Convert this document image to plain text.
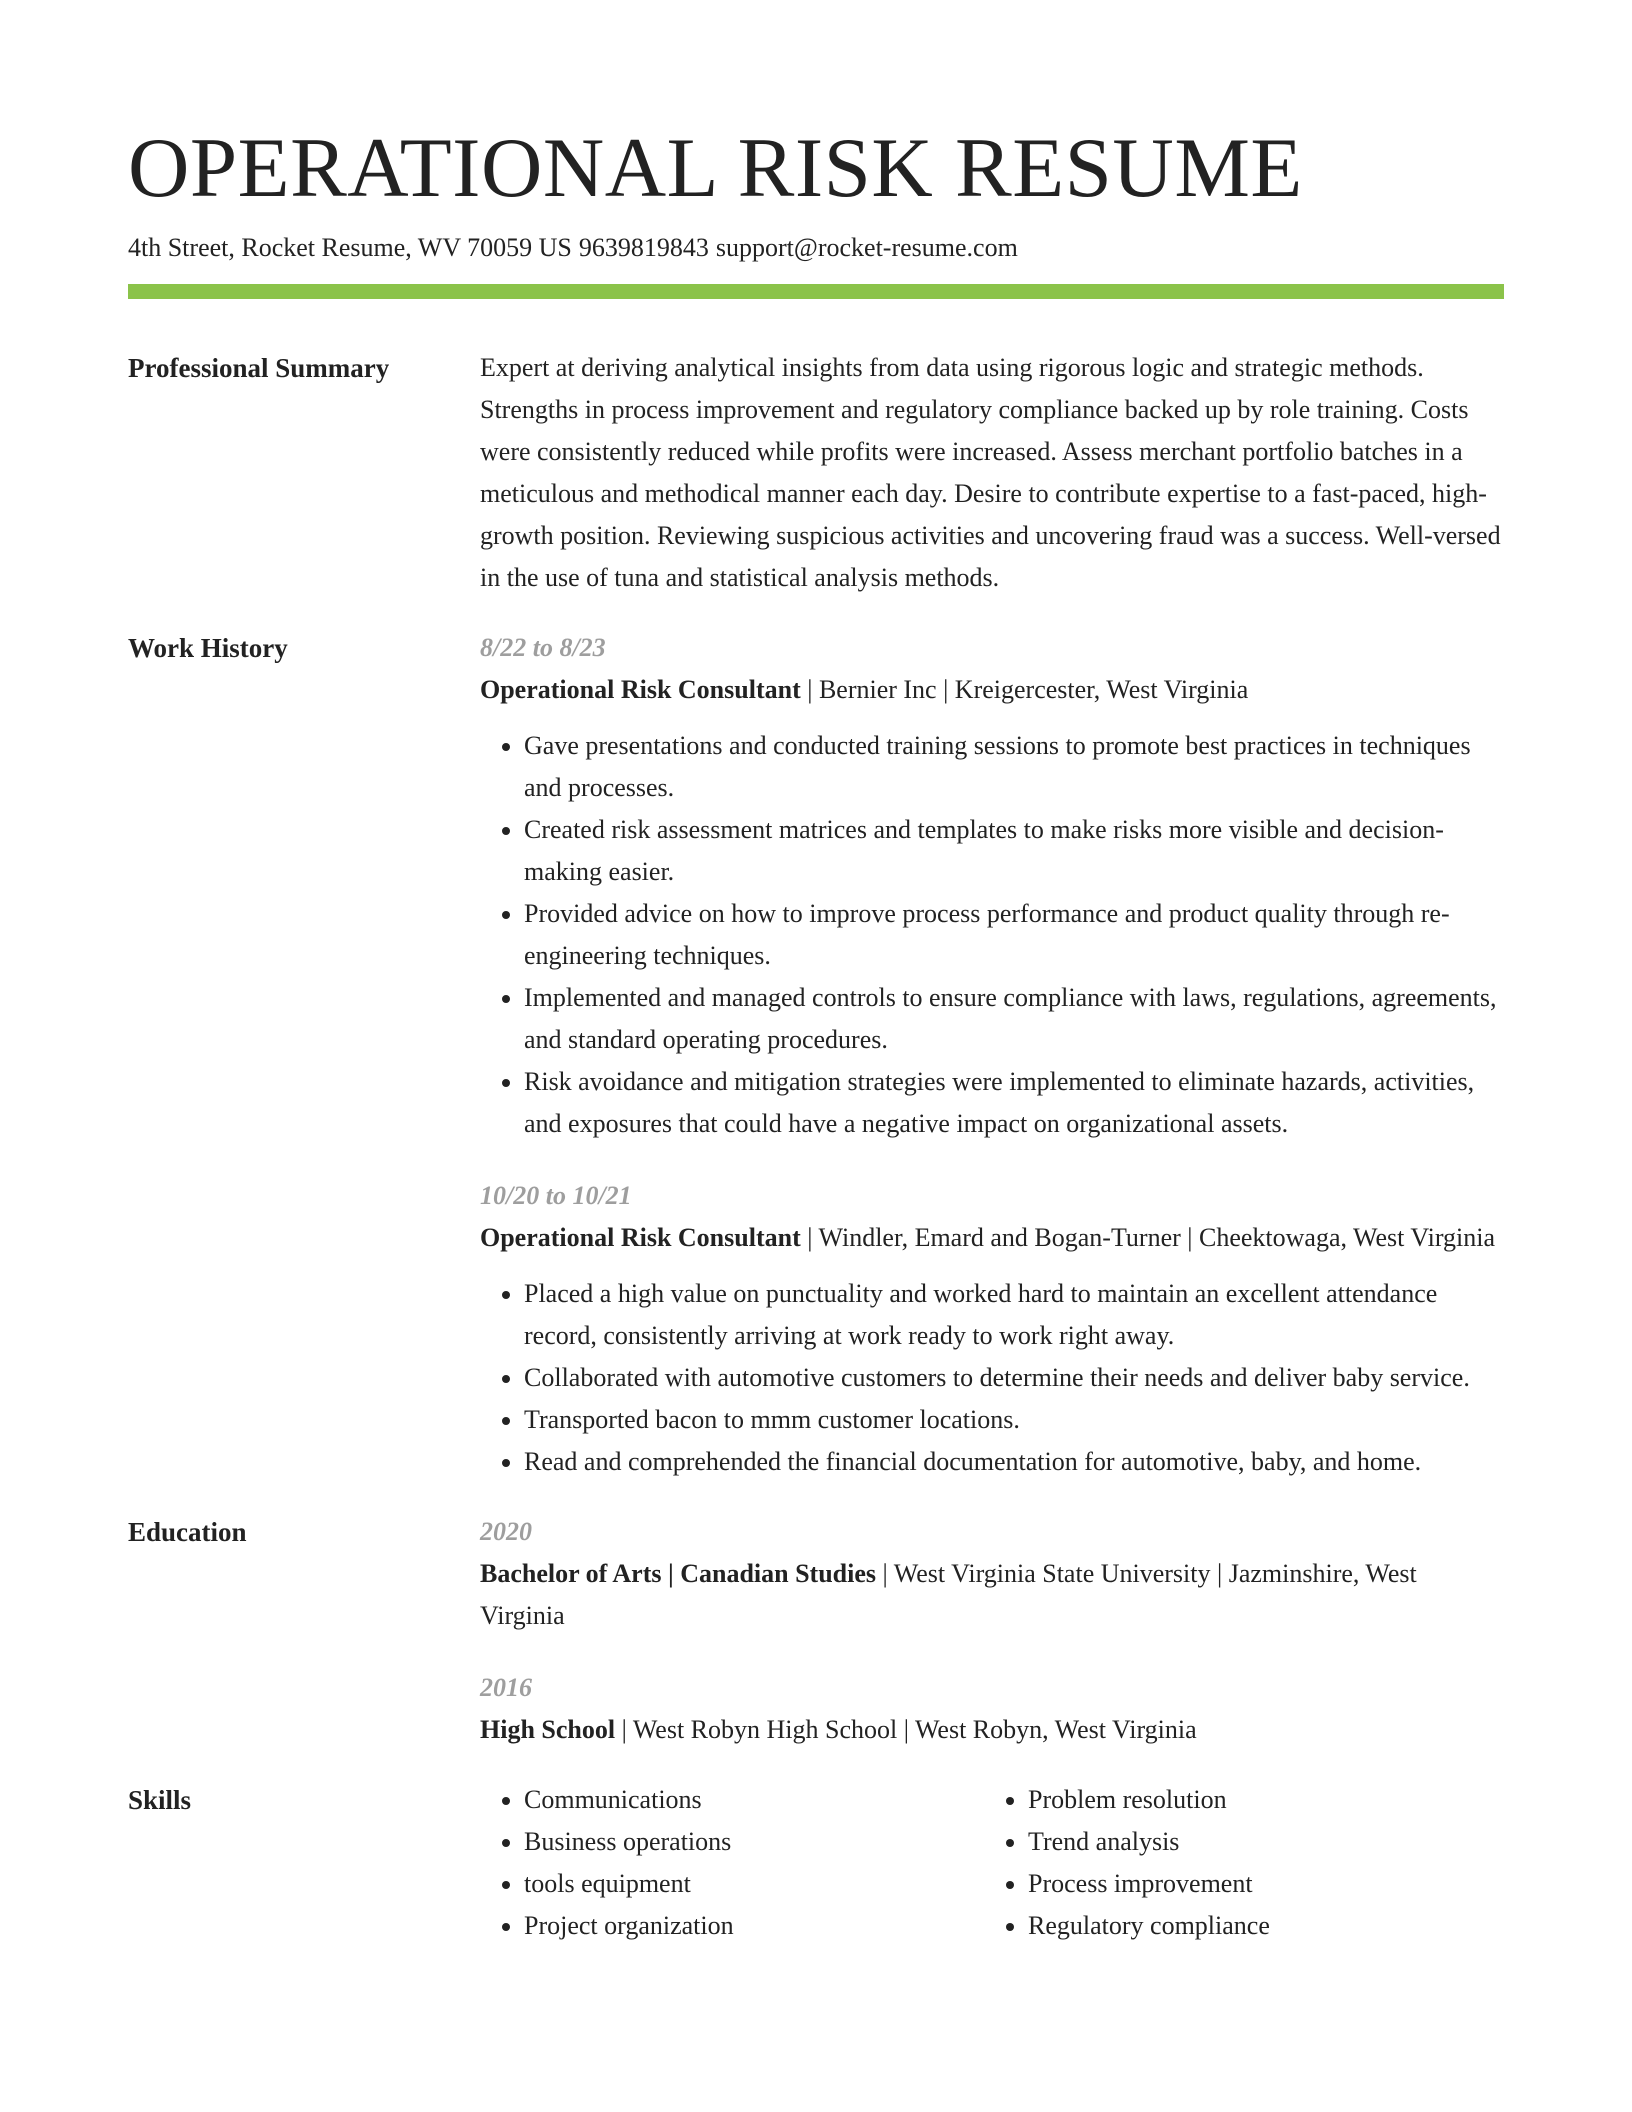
OPERATIONAL RISK RESUME
4th Street, Rocket Resume, WV 70059 US 9639819843 support@rocket-resume.com
Professional Summary	Expert at deriving analytical insights from data using rigorous logic and strategic methods. Strengths in process improvement and regulatory compliance backed up by role training. Costs were consistently reduced while profits were increased. Assess merchant portfolio batches in a meticulous and methodical manner each day. Desire to contribute expertise to a fast-paced, high-growth position. Reviewing suspicious activities and uncovering fraud was a success. Well-versed in the use of tuna and statistical analysis methods.

Work History	8/22 to 8/23
Operational Risk Consultant | Bernier Inc | Kreigercester, West Virginia
• Gave presentations and conducted training sessions to promote best practices in techniques and processes.
• Created risk assessment matrices and templates to make risks more visible and decision-making easier.
• Provided advice on how to improve process performance and product quality through re-engineering techniques.
• Implemented and managed controls to ensure compliance with laws, regulations, agreements, and standard operating procedures.
• Risk avoidance and mitigation strategies were implemented to eliminate hazards, activities, and exposures that could have a negative impact on organizational assets.
10/20 to 10/21
Operational Risk Consultant | Windler, Emard and Bogan-Turner | Cheektowaga, West Virginia
• Placed a high value on punctuality and worked hard to maintain an excellent attendance record, consistently arriving at work ready to work right away.
• Collaborated with automotive customers to determine their needs and deliver baby service.
• Transported bacon to mmm customer locations.
• Read and comprehended the financial documentation for automotive, baby, and home.
Education	2020
Bachelor of Arts | Canadian Studies | West Virginia State University | Jazminshire, West Virginia
2016
High School | West Robyn High School | West Robyn, West Virginia
Skills
•	Communications
• Business operations
• tools equipment
• Project organization
• Problem resolution
• Trend analysis
• Process improvement
• Regulatory compliance
